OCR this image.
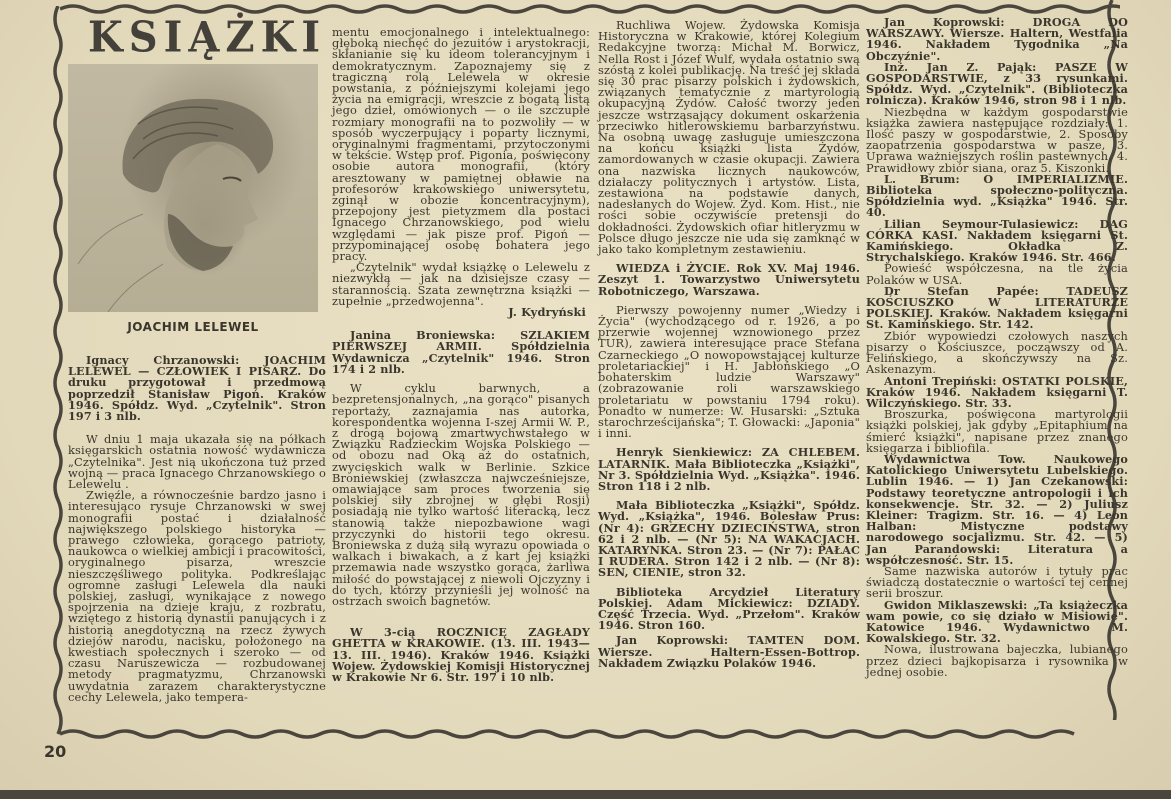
KSIĄŻKI
JOACHIM LELEWEL

Ignacy Chrzanowski: JOACHIM LELEWEL — CZŁOWIEK I PISARZ. Do druku przygotował i przedmową poprzedził Stanisław Pigoń. Kraków 1946. Spółdz. Wyd. „Czytelnik". Stron 197 i 3 nlb.

W dniu 1 maja ukazała się na półkach księgarskich ostatnia nowość wydawnicza „Czytelnika". Jest nią ukończona tuż przed wojną — praca Ignacego Chrzanowskiego o Lelewelu .

Zwięźle, a równocześnie bardzo jasno i interesująco rysuje Chrzanowski w swej monografii postać i działalność największego polskiego historyka — prawego człowieka, gorącego patrioty, naukowca o wielkiej ambicji i pracowitości, oryginalnego pisarza, wreszcie nieszczęśliwego polityka. Podkreślając ogromne zasługi Lelewela dla nauki polskiej, zasługi, wynikające z nowego spojrzenia na dzieje kraju, z rozbratu, wziętego z historią dynastii panujących i z historią anegdotyczną na rzecz żywych dziejów narodu, nacisku, położonego na kwestiach społecznych i szeroko — od czasu Naruszewicza — rozbudowanej metody pragmatyzmu, Chrzanowski uwydatnia zarazem charakterystyczne cechy Lelewela, jako tempera-

mentu emocjonalnego i intelektualnego: głęboką niechęć do jezuitów i arystokracji, skłanianie się ku ideom tolerancyjnym i demokratycznym. Zapoznajemy się z tragiczną rolą Lelewela w okresie powstania, z późniejszymi kolejami jego życia na emigracji, wreszcie z bogatą listą jego dzieł, omówionych — o ile szczupłe rozmiary monografii na to pozwoliły — w sposób wyczerpujący i poparty licznymi, oryginalnymi fragmentami, przytoczonymi w tekście. Wstęp prof. Pigonia, poświęcony osobie autora monografii, (który aresztowany w pamiętnej obławie na profesorów krakowskiego uniwersytetu, zginął w obozie koncentracyjnym), przepojony jest pietyzmem dla postaci Ignacego Chrzanowskiego, pod wielu względami — jak pisze prof. Pigoń — przypominającej osobę bohatera jego pracy.

„Czytelnik" wydał książkę o Lelewelu z niezwykłą — jak na dzisiejsze czasy — starannością. Szata zewnętrzna książki — zupełnie „przedwojenna".

J. Kydryński

Janina Broniewska: SZLAKIEM PIERWSZEJ ARMII. Spółdzielnia Wydawnicza „Czytelnik" 1946. Stron 174 i 2 nlb.

W cyklu barwnych, a bezpretensjonalnych, „na gorąco" pisanych reportaży, zaznajamia nas autorka, korespondentka wojenna I-szej Armii W. P., z drogą bojową zmartwychwstałego w Związku Radzieckim Wojska Polskiego — od obozu nad Oką aż do ostatnich, zwycięskich walk w Berlinie. Szkice Broniewskiej (zwłaszcza najwcześniejsze, omawiające sam proces tworzenia się polskiej siły zbrojnej w głębi Rosji) posiadają nie tylko wartość literacką, lecz stanowią także niepozbawione wagi przyczynki do historii tego okresu. Broniewska z dużą siłą wyrazu opowiada o walkach i biwakach, a z kart jej książki przemawia nade wszystko gorąca, żarliwa miłość do powstającej z niewoli Ojczyzny i do tych, którzy przynieśli jej wolność na ostrzach swoich bagnetów.

W 3-cią ROCZNICĘ ZAGŁADY GHETTA w KRAKOWIE. (13. III. 1943—13. III. 1946). Kraków 1946. Książki Wojew. Żydowskiej Komisji Historycznej w Krakowie Nr 6. Str. 197 i 10 nlb.

Ruchliwa Wojew. Żydowska Komisja Historyczna w Krakowie, której Kolegium Redakcyjne tworzą: Michał M. Borwicz, Nella Rost i Józef Wulf, wydała ostatnio swą szóstą z kolei publikację. Na treść jej składa się 30 prac pisarzy polskich i żydowskich, związanych tematycznie z martyrologią okupacyjną Żydów. Całość tworzy jeden jeszcze wstrząsający dokument oskarżenia przeciwko hitlerowskiemu barbarzyństwu. Na osobną uwagę zasługuje umieszczona na końcu książki lista Żydów, zamordowanych w czasie okupacji. Zawiera ona nazwiska licznych naukowców, działaczy politycznych i artystów. Lista, zestawiona na podstawie danych, nadesłanych do Wojew. Żyd. Kom. Hist., nie rości sobie oczywiście pretensji do dokładności. Żydowskich ofiar hitleryzmu w Polsce długo jeszcze nie uda się zamknąć w jako tako kompletnym zestawieniu.

WIEDZA i ŻYCIE. Rok XV. Maj 1946. Zeszyt 1. Towarzystwo Uniwersytetu Robotniczego, Warszawa.

Pierwszy powojenny numer „Wiedzy i Życia" (wychodzącego od r. 1926, a po przerwie wojennej wznowionego przez TUR), zawiera interesujące prace Stefana Czarneckiego „O nowopowstającej kulturze proletariackiej" i H. Jabłońskiego „O bohaterskim ludzie Warszawy" (zobrazowanie roli warszawskiego proletariatu w powstaniu 1794 roku). Ponadto w numerze: W. Husarski: „Sztuka starochrześcijańska"; T. Głowacki: „Japonia" i inni.

Henryk Sienkiewicz: ZA CHLEBEM. LATARNIK. Mała Biblioteczka „Książki", Nr 3. Spółdzielnia Wyd. „Książka". 1946. Stron 118 i 2 nlb.

Mała Biblioteczka „Książki", Spółdz. Wyd. „Książka", 1946. Bolesław Prus: (Nr 4): GRZECHY DZIECIŃSTWA, stron 62 i 2 nlb. — (Nr 5): NA WAKACJACH. KATARYNKA. Stron 23. — (Nr 7): PAŁAC I RUDERA. Stron 142 i 2 nlb. — (Nr 8): SEN, CIENIE, stron 32.

Biblioteka Arcydzieł Literatury Polskiej. Adam Mickiewicz: DZIADY. Część Trzecia. Wyd. „Przełom". Kraków 1946. Stron 160.

Jan Koprowski: TAMTEN DOM. Wiersze. Haltern-Essen-Bottrop. Nakładem Związku Polaków 1946.

Jan Koprowski: DROGA DO WARSZAWY. Wiersze. Haltern, Westfalia 1946. Nakładem Tygodnika „Na Obczyźnie".

Inż. Jan Z. Pająk: PASZE W GOSPODARSTWIE, z 33 rysunkami. Spółdz. Wyd. „Czytelnik". (Biblioteczka rolnicza). Kraków 1946, stron 98 i 1 nlb.

Niezbędna w każdym gospodarstwie książka zawiera następujące rozdziały: 1. Ilość paszy w gospodarstwie, 2. Sposoby zaopatrzenia gospodarstwa w pasze, 3. Uprawa ważniejszych roślin pastewnych, 4. Prawidłowy zbiór siana, oraz 5. Kiszonki.

L. Brum: O IMPERIALIZMIE. Biblioteka społeczno-polityczna. Spółdzielnia wyd. „Książka" 1946. Str. 40.

Lilian Seymour-Tulasiewicz: DAG CÓRKA KASI. Nakładem księgarni St. Kamińskiego. Okładka Z. Strychalskiego. Kraków 1946. Str. 466.

Powieść współczesna, na tle życia Polaków w USA.

Dr Stefan Papée: TADEUSZ KOŚCIUSZKO W LITERATURZE POLSKIEJ. Kraków. Nakładem księgarni St. Kamińskiego. Str. 142.

Zbiór wypowiedzi czołowych naszych pisarzy o Kościuszce, począwszy od A. Felińskiego, a skończywszy na Sz. Askenazym.

Antoni Trepiński: OSTATKI POLSKIE, Kraków 1946. Nakładem księgarni T. Wilczyńskiego. Str. 33.

Broszurka, poświęcona martyrologii książki polskiej, jak gdyby „Epitaphium na śmierć książki", napisane przez znanego księgarza i bibliofila.

Wydawnictwa Tow. Naukowego Katolickiego Uniwersytetu Lubelskiego. Lublin 1946. — 1) Jan Czekanowski: Podstawy teoretyczne antropologii i ich konsekwencje. Str. 32. — 2) Juliusz Kleiner: Tragizm. Str. 16. — 4) Leon Halban: Mistyczne podstawy narodowego socjalizmu. Str. 42. — 5) Jan Parandowski: Literatura a współczesność. Str. 15.

Same nazwiska autorów i tytuły prac świadczą dostatecznie o wartości tej cennej serii broszur.

Gwidon Miklaszewski: „Ta książeczka wam powie, co się działo w Misiowie". Katowice 1946. Wydawnictwo M. Kowalskiego. Str. 32.

Nowa, ilustrowana bajeczka, lubianego przez dzieci bajkopisarza i rysownika w jednej osobie.

20
